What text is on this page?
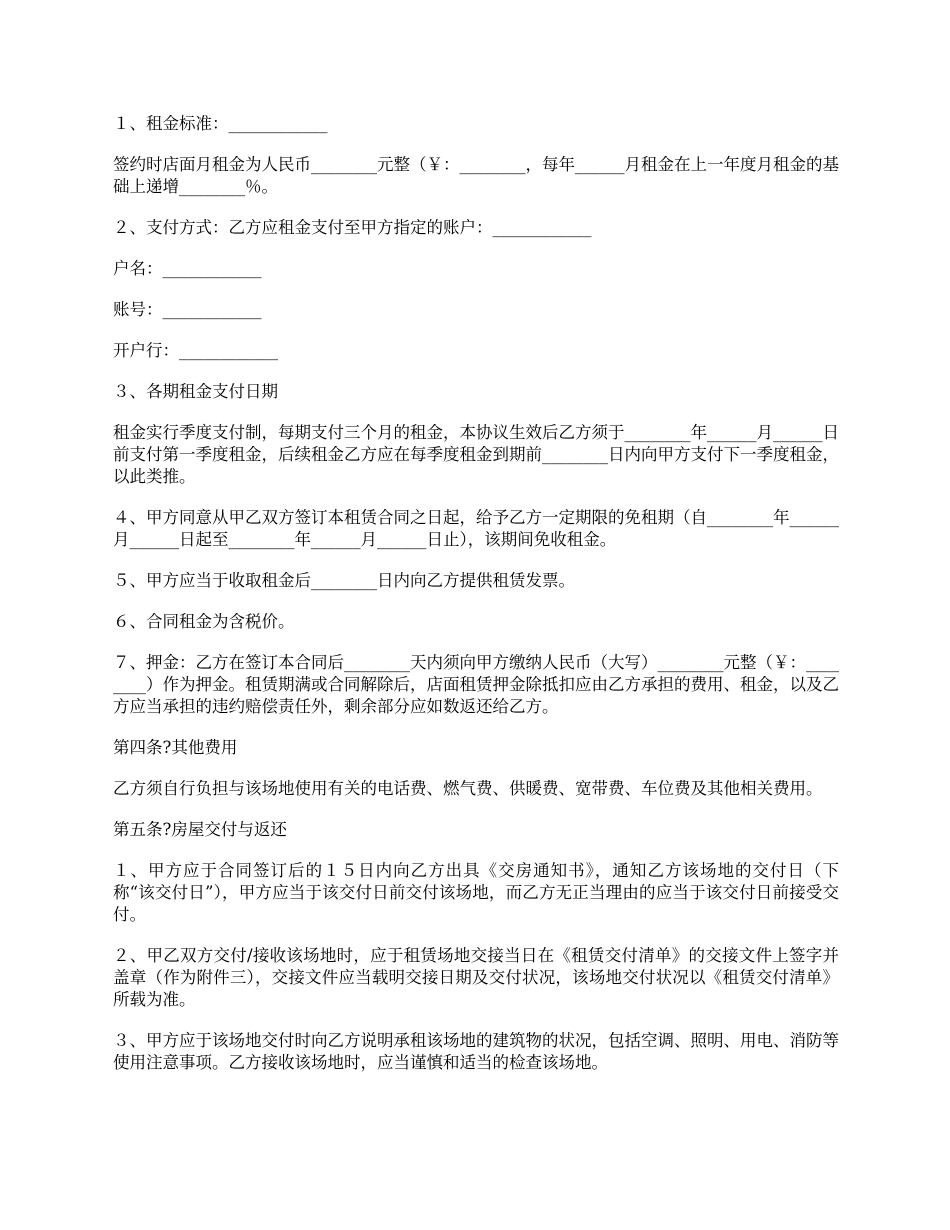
１、租金标准：____________

签约时店面月租金为人民币________元整（￥：________，每年______月租金在上一年度月租金的基础上递增________％。

２、支付方式：乙方应租金支付至甲方指定的账户：____________

户名：____________

账号：____________

开户行：____________

３、各期租金支付日期

租金实行季度支付制，每期支付三个月的租金，本协议生效后乙方须于________年______月______日前支付第一季度租金，后续租金乙方应在每季度租金到期前________日内向甲方支付下一季度租金，以此类推。

４、甲方同意从甲乙双方签订本租赁合同之日起，给予乙方一定期限的免租期（自________年______月______日起至________年______月______日止），该期间免收租金。

５、甲方应当于收取租金后________日内向乙方提供租赁发票。

６、合同租金为含税价。

７、押金：乙方在签订本合同后________天内须向甲方缴纳人民币（大写）________元整（￥：________）作为押金。租赁期满或合同解除后，店面租赁押金除抵扣应由乙方承担的费用、租金，以及乙方应当承担的违约赔偿责任外，剩余部分应如数返还给乙方。

第四条?其他费用

乙方须自行负担与该场地使用有关的电话费、燃气费、供暖费、宽带费、车位费及其他相关费用。

第五条?房屋交付与返还

１、甲方应于合同签订后的１５日内向乙方出具《交房通知书》，通知乙方该场地的交付日（下称“该交付日”），甲方应当于该交付日前交付该场地，而乙方无正当理由的应当于该交付日前接受交付。

２、甲乙双方交付/接收该场地时，应于租赁场地交接当日在《租赁交付清单》的交接文件上签字并盖章（作为附件三），交接文件应当载明交接日期及交付状况，该场地交付状况以《租赁交付清单》所载为准。

３、甲方应于该场地交付时向乙方说明承租该场地的建筑物的状况，包括空调、照明、用电、消防等使用注意事项。乙方接收该场地时，应当谨慎和适当的检查该场地。
